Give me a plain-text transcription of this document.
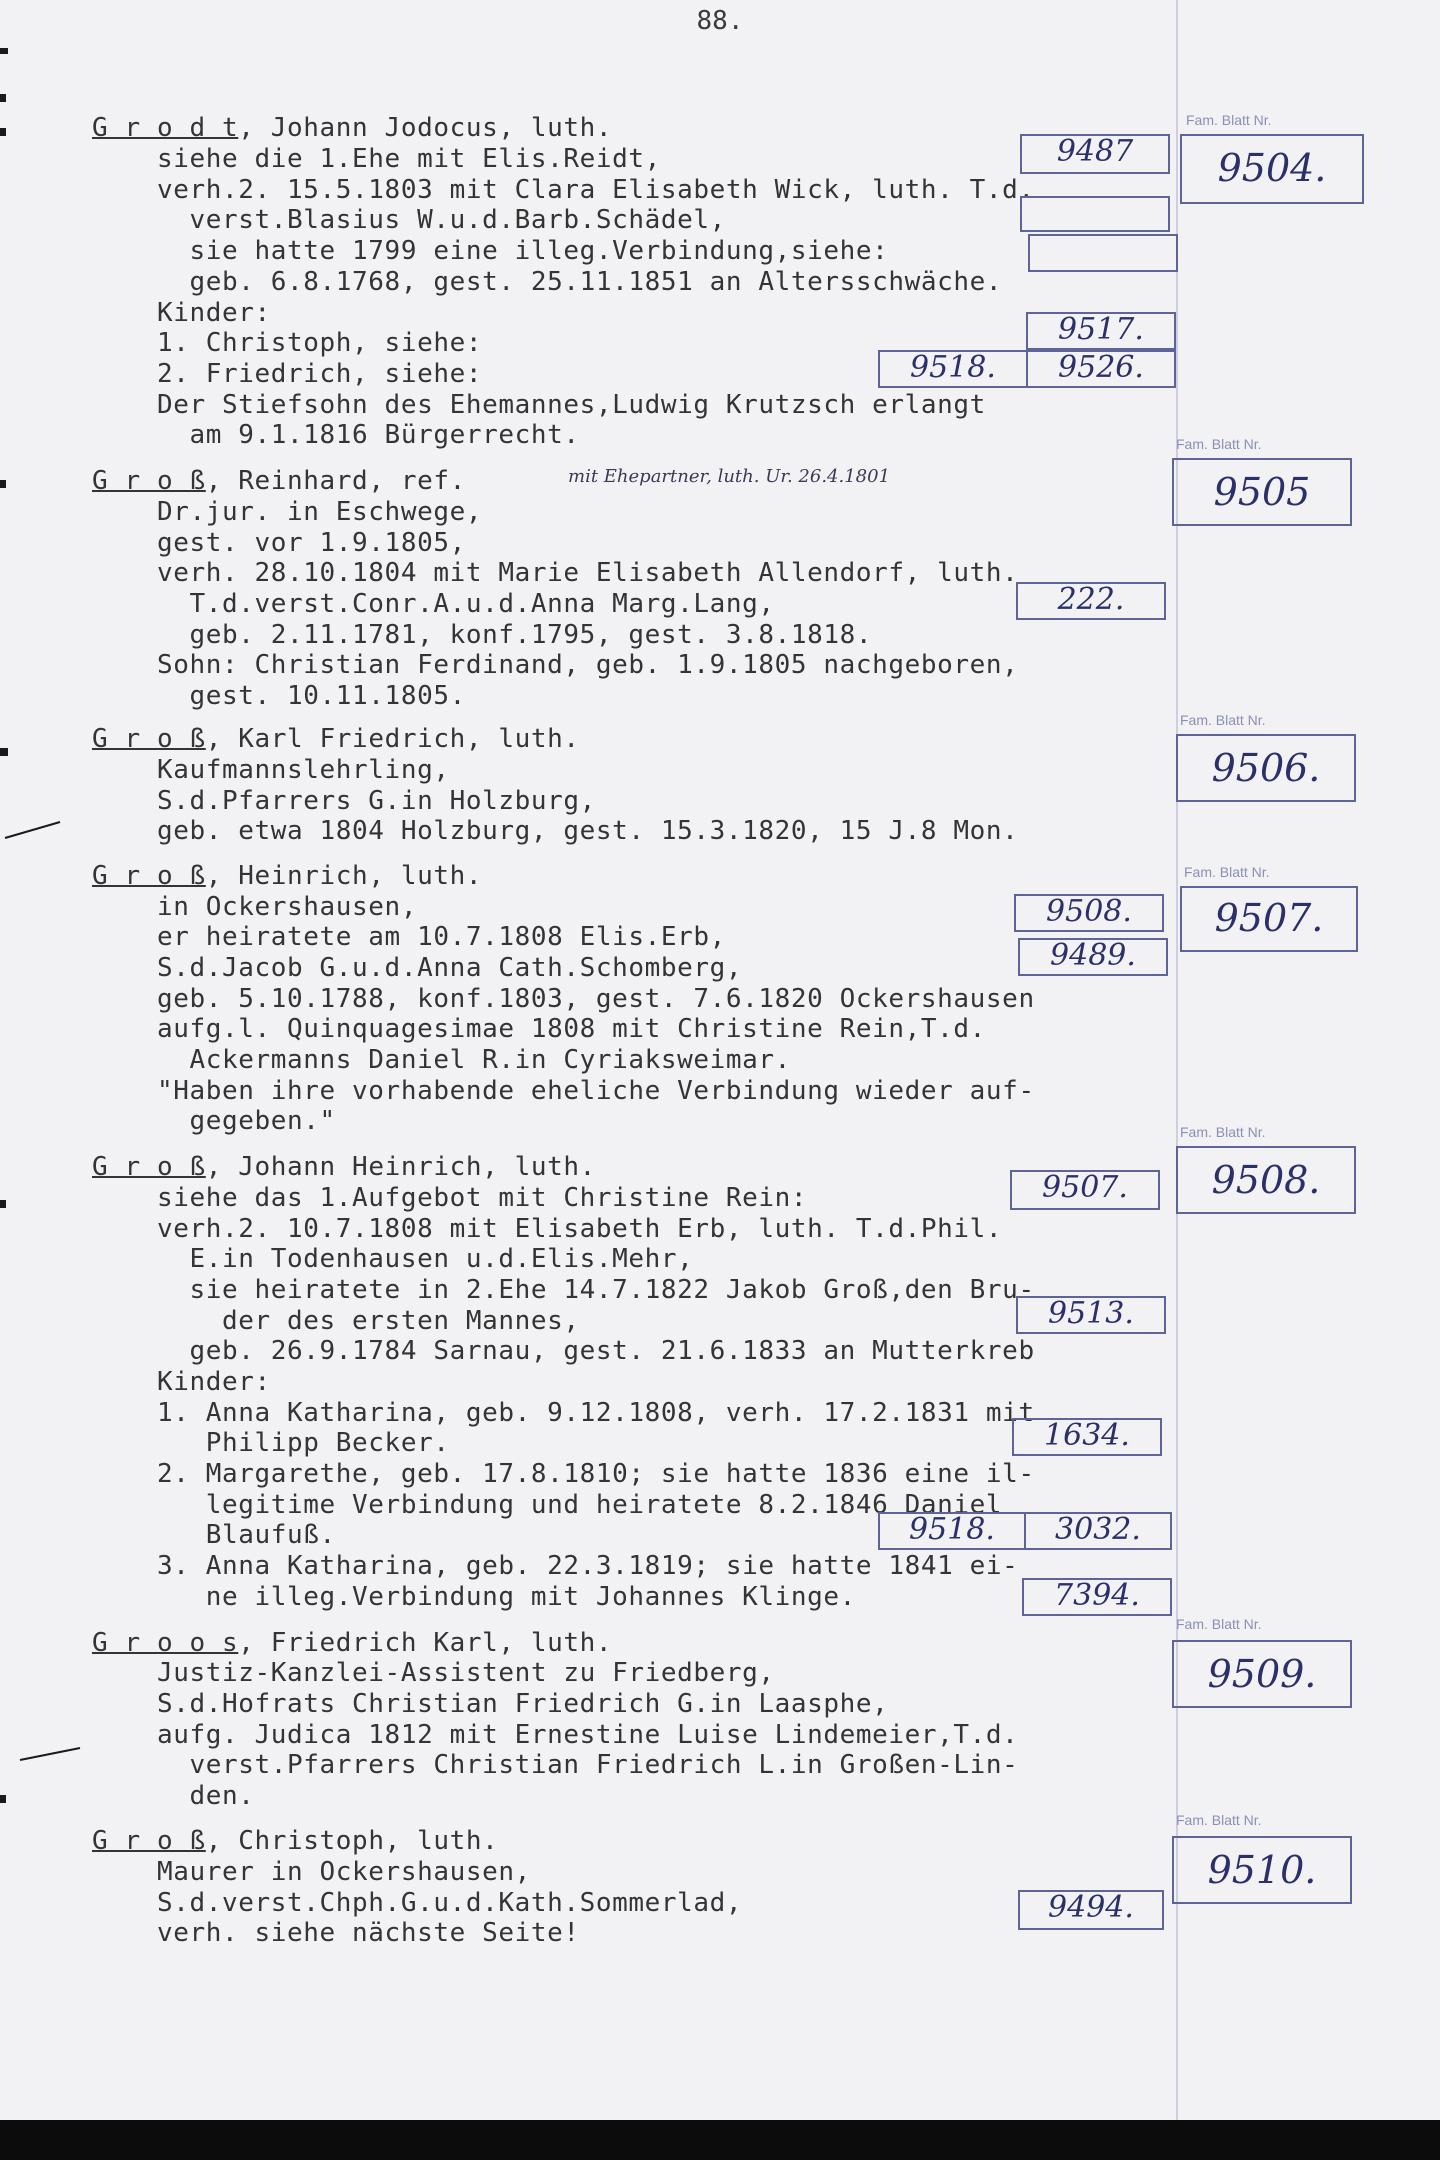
88.
G r o d t, Johann Jodocus, luth.
siehe die 1.Ehe mit Elis.Reidt,
verh.2. 15.5.1803 mit Clara Elisabeth Wick, luth. T.d.
verst.Blasius W.u.d.Barb.Schädel,
sie hatte 1799 eine illeg.Verbindung,siehe:
geb. 6.8.1768, gest. 25.11.1851 an Altersschwäche.
Kinder:
1. Christoph, siehe:
2. Friedrich, siehe:
Der Stiefsohn des Ehemannes,Ludwig Krutzsch erlangt
am 9.1.1816 Bürgerrecht.
9487
9517.
9518.	9526.
Fam. Blatt Nr.
9504.
G r o ß, Reinhard, ref.	mit Ehepartner, luth. Ur. 26.4.1801
Dr.jur. in Eschwege,
gest. vor 1.9.1805,
verh. 28.10.1804 mit Marie Elisabeth Allendorf, luth.
T.d.verst.Conr.A.u.d.Anna Marg.Lang,
geb. 2.11.1781, konf.1795, gest. 3.8.1818.
Sohn: Christian Ferdinand, geb. 1.9.1805 nachgeboren,
gest. 10.11.1805.
222.
Fam. Blatt Nr.
9505
G r o ß, Karl Friedrich, luth.
Kaufmannslehrling,
S.d.Pfarrers G.in Holzburg,
geb. etwa 1804 Holzburg, gest. 15.3.1820, 15 J.8 Mon.
Fam. Blatt Nr.
9506.
G r o ß, Heinrich, luth.
in Ockershausen,
er heiratete am 10.7.1808 Elis.Erb,
S.d.Jacob G.u.d.Anna Cath.Schomberg,
geb. 5.10.1788, konf.1803, gest. 7.6.1820 Ockershausen
aufg.l. Quinquagesimae 1808 mit Christine Rein,T.d.
Ackermanns Daniel R.in Cyriaksweimar.
"Haben ihre vorhabende eheliche Verbindung wieder auf-
gegeben."
9508.
9489.
Fam. Blatt Nr.
9507.
G r o ß, Johann Heinrich, luth.
siehe das 1.Aufgebot mit Christine Rein:
verh.2. 10.7.1808 mit Elisabeth Erb, luth. T.d.Phil.
E.in Todenhausen u.d.Elis.Mehr,
sie heiratete in 2.Ehe 14.7.1822 Jakob Groß,den Bru-
der des ersten Mannes,
geb. 26.9.1784 Sarnau, gest. 21.6.1833 an Mutterkreb
Kinder:
1. Anna Katharina, geb. 9.12.1808, verh. 17.2.1831 mit
Philipp Becker.
2. Margarethe, geb. 17.8.1810; sie hatte 1836 eine il-
legitime Verbindung und heiratete 8.2.1846 Daniel
Blaufuß.
3. Anna Katharina, geb. 22.3.1819; sie hatte 1841 ei-
ne illeg.Verbindung mit Johannes Klinge.
9507.
9513.
1634.
9518.	3032.
7394.
Fam. Blatt Nr.
9508.
G r o o s, Friedrich Karl, luth.
Justiz-Kanzlei-Assistent zu Friedberg,
S.d.Hofrats Christian Friedrich G.in Laasphe,
aufg. Judica 1812 mit Ernestine Luise Lindemeier,T.d.
verst.Pfarrers Christian Friedrich L.in Großen-Lin-
den.
Fam. Blatt Nr.
9509.
G r o ß, Christoph, luth.
Maurer in Ockershausen,
S.d.verst.Chph.G.u.d.Kath.Sommerlad,
verh. siehe nächste Seite!
9494.
Fam. Blatt Nr.
9510.
